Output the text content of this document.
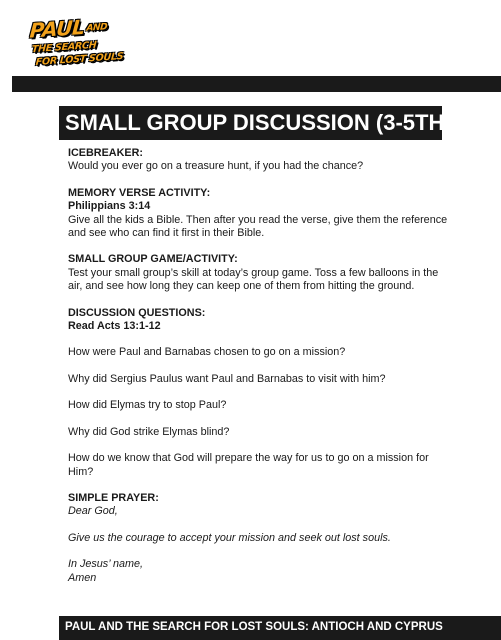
PAULAND
THE SEARCH
FOR LOST SOULS
SMALL GROUP DISCUSSION (3-5TH)

ICEBREAKER:

Would you ever go on a treasure hunt, if you had the chance?

MEMORY VERSE ACTIVITY:

Philippians 3:14

Give all the kids a Bible. Then after you read the verse, give them the reference and see who can find it first in their Bible.

SMALL GROUP GAME/ACTIVITY:

Test your small group’s skill at today’s group game. Toss a few balloons in the air, and see how long they can keep one of them from hitting the ground.

DISCUSSION QUESTIONS:

Read Acts 13:1-12

How were Paul and Barnabas chosen to go on a mission?

Why did Sergius Paulus want Paul and Barnabas to visit with him?

How did Elymas try to stop Paul?

Why did God strike Elymas blind?

How do we know that God will prepare the way for us to go on a mission for Him?

SIMPLE PRAYER:

Dear God,

Give us the courage to accept your mission and seek out lost souls.

In Jesus’ name,

Amen

PAUL AND THE SEARCH FOR LOST SOULS: ANTIOCH AND CYPRUS
